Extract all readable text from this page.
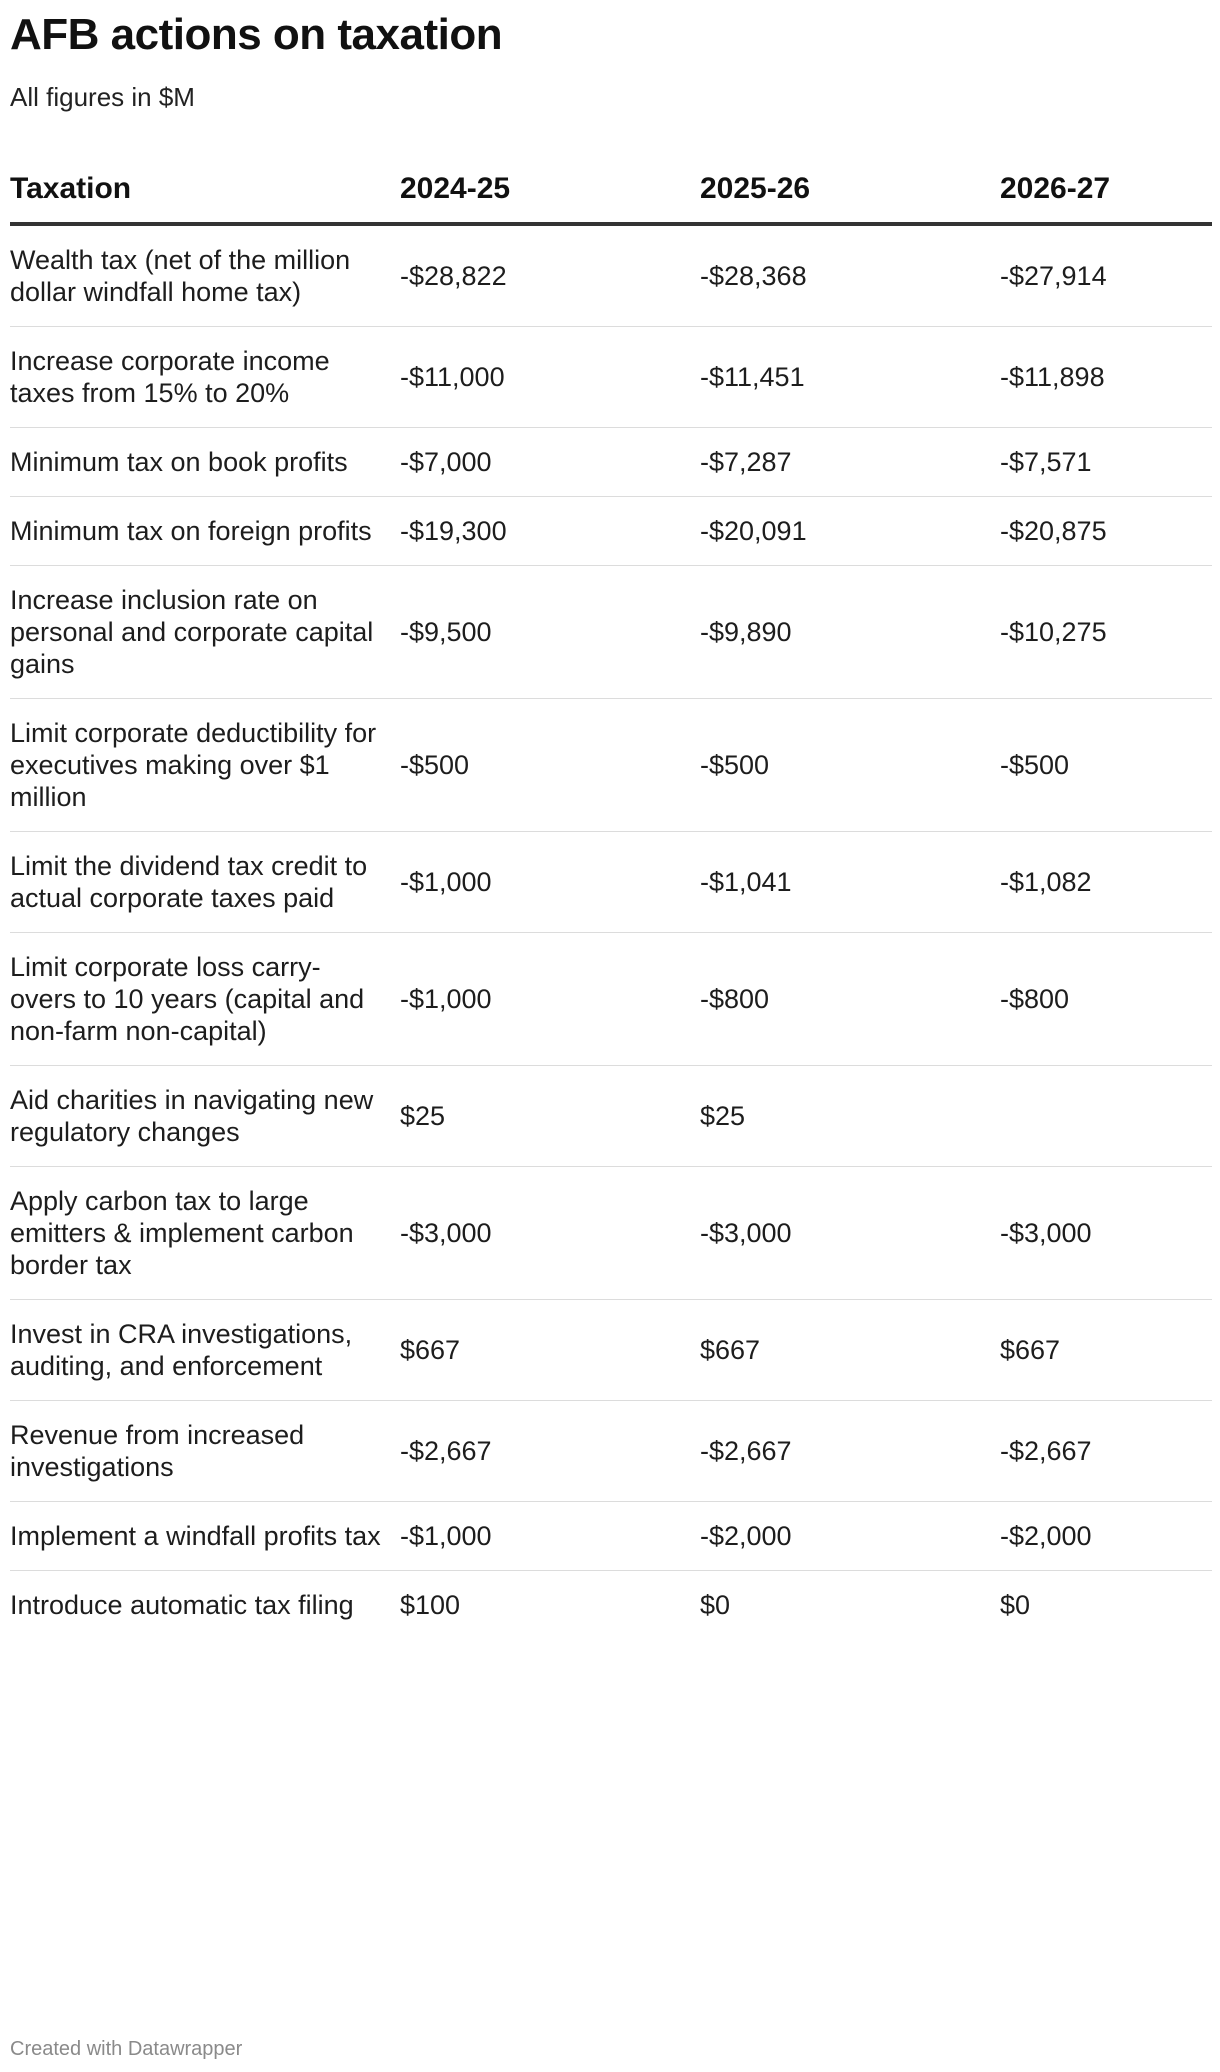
AFB actions on taxation
All figures in $M
Taxation	2024-25	2025-26	2026-27
Wealth tax (net of the million dollar windfall home tax)	-$28,822	-$28,368	-$27,914
Increase corporate income taxes from 15% to 20%	-$11,000	-$11,451	-$11,898
Minimum tax on book profits	-$7,000	-$7,287	-$7,571
Minimum tax on foreign profits	-$19,300	-$20,091	-$20,875
Increase inclusion rate on personal and corporate capital gains	-$9,500	-$9,890	-$10,275
Limit corporate deductibility for executives making over $1 million	-$500	-$500	-$500
Limit the dividend tax credit to actual corporate taxes paid	-$1,000	-$1,041	-$1,082
Limit corporate loss carry-overs to 10 years (capital and non-farm non-capital)	-$1,000	-$800	-$800
Aid charities in navigating new regulatory changes	$25	$25	
Apply carbon tax to large emitters & implement carbon border tax	-$3,000	-$3,000	-$3,000
Invest in CRA investigations, auditing, and enforcement	$667	$667	$667
Revenue from increased investigations	-$2,667	-$2,667	-$2,667
Implement a windfall profits tax	-$1,000	-$2,000	-$2,000
Introduce automatic tax filing	$100	$0	$0
Created with Datawrapper
